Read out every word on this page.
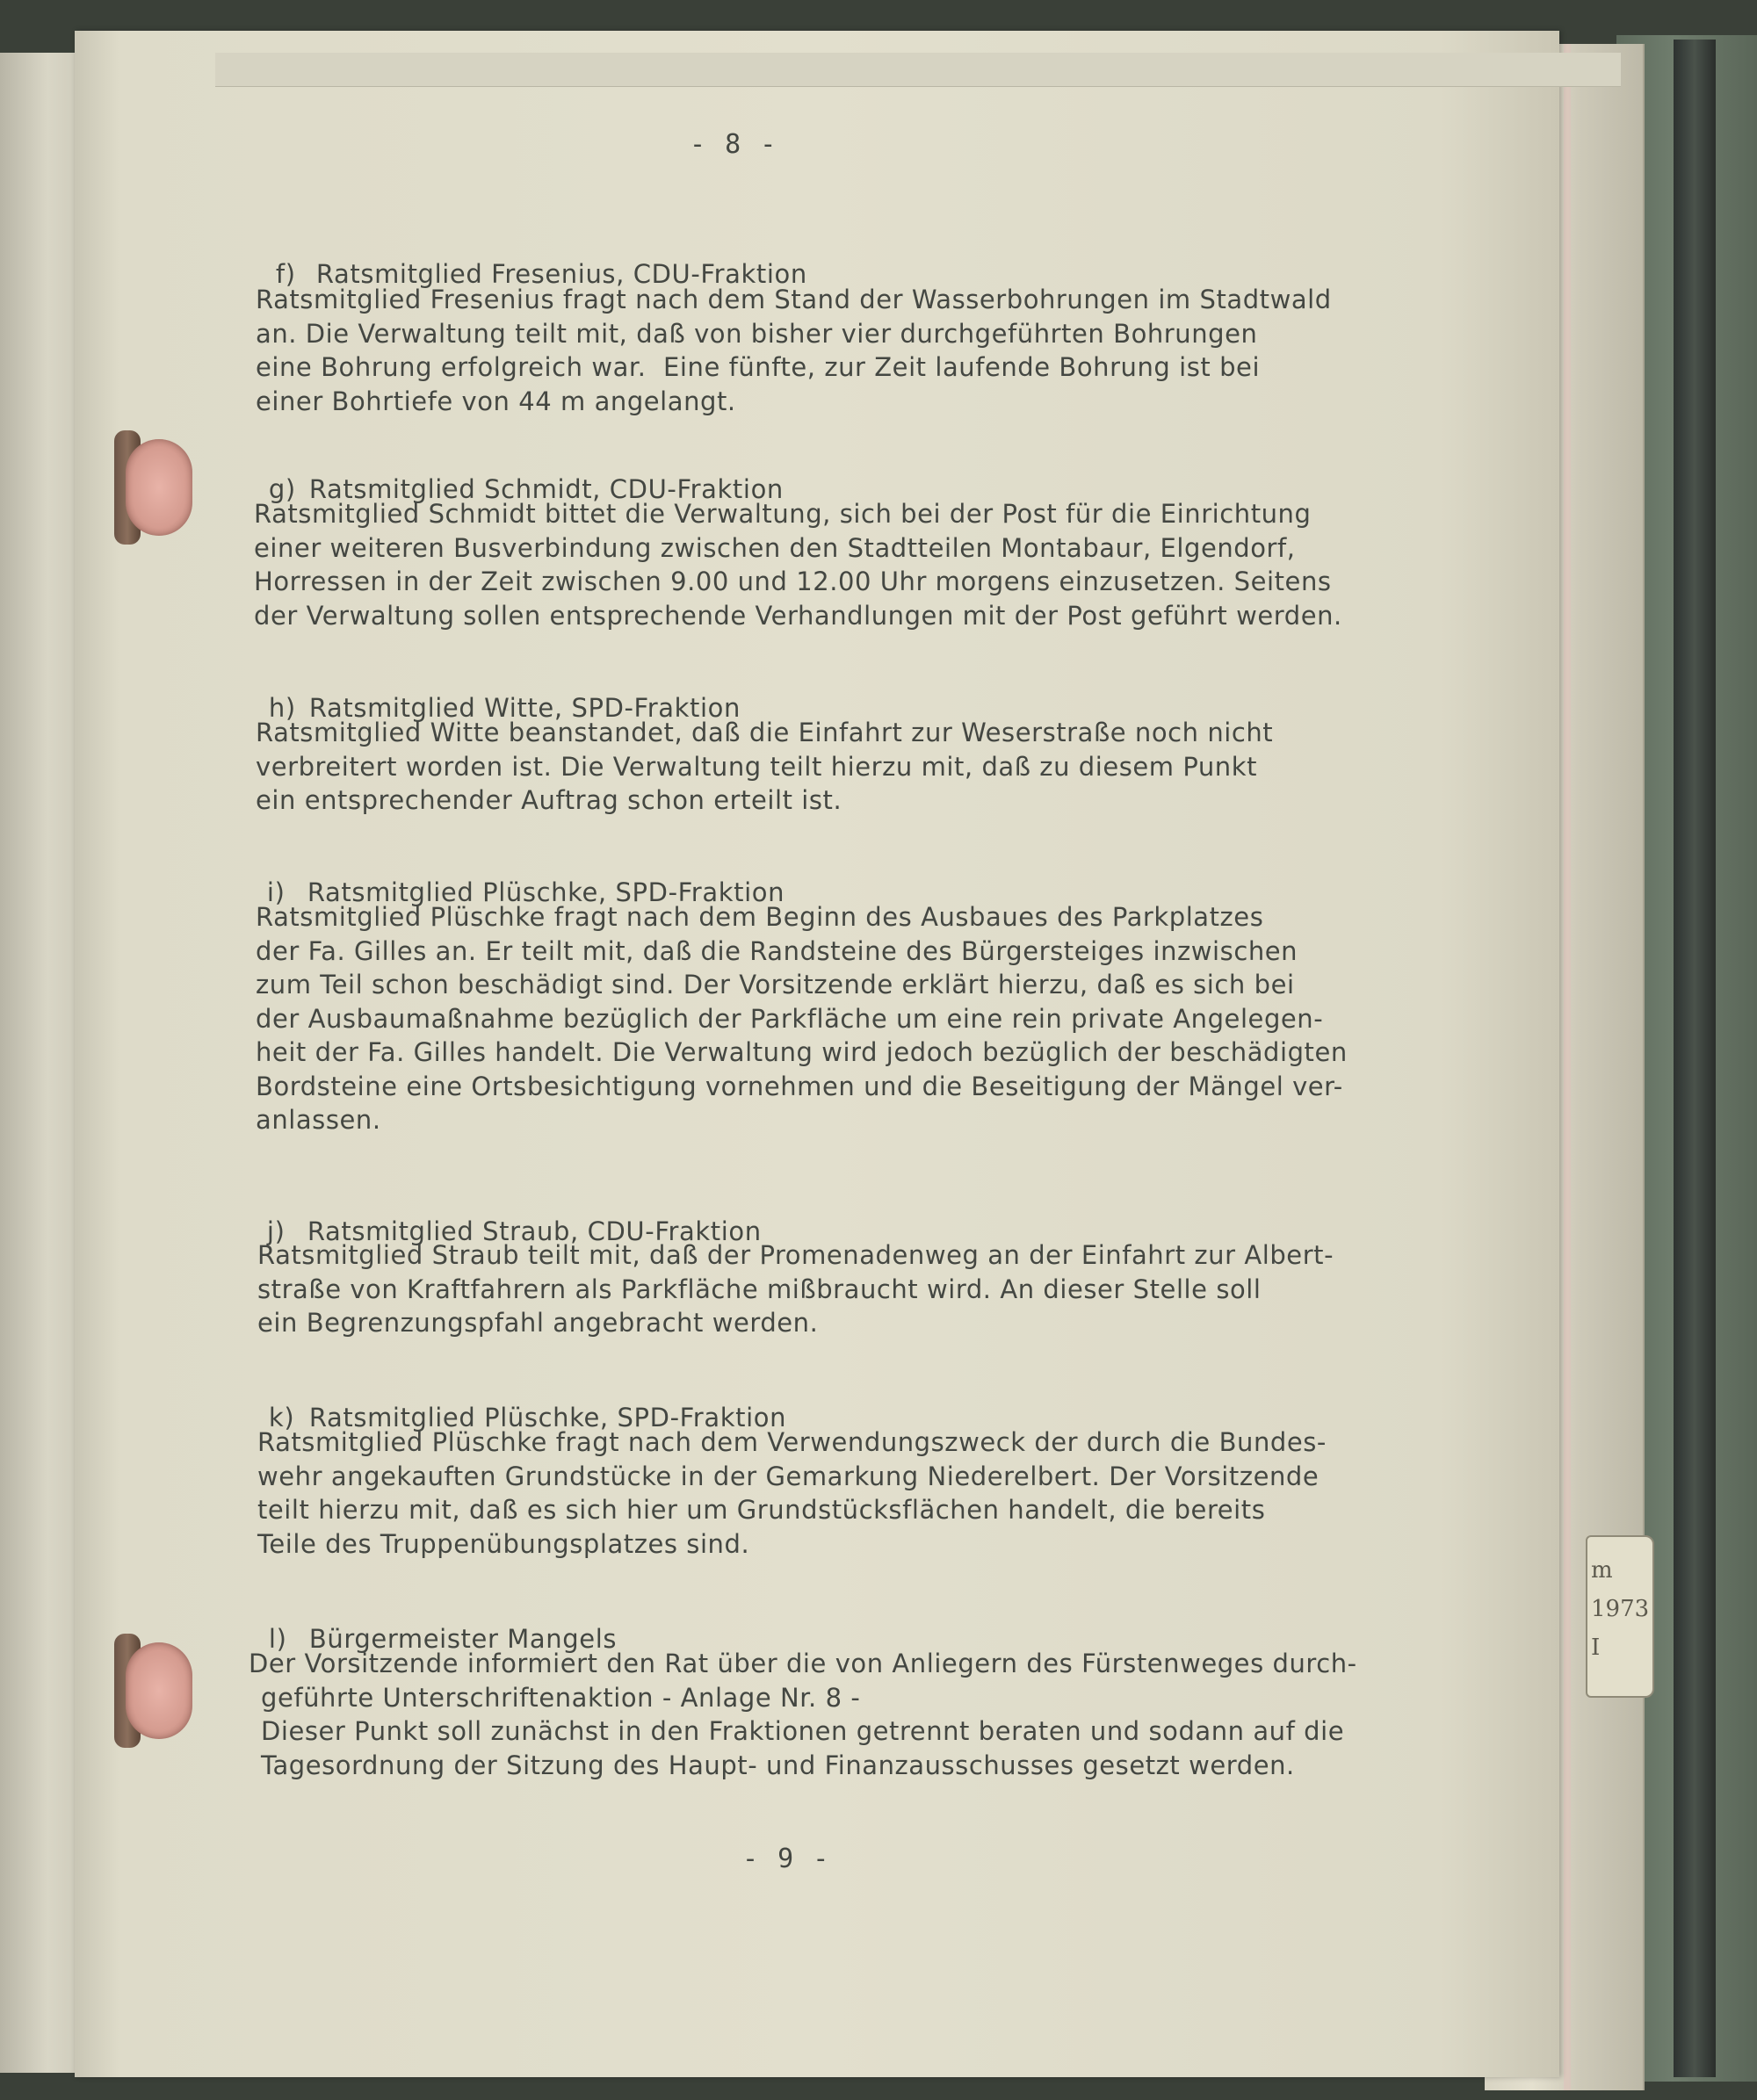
m
1973
I
- 8 -

f) Ratsmitglied Fresenius, CDU-Fraktion

Ratsmitglied Fresenius fragt nach dem Stand der Wasserbohrungen im Stadtwald
an. Die Verwaltung teilt mit, daß von bisher vier durchgeführten Bohrungen
eine Bohrung erfolgreich war.  Eine fünfte, zur Zeit laufende Bohrung ist bei
einer Bohrtiefe von 44 m angelangt.

g) Ratsmitglied Schmidt, CDU-Fraktion

Ratsmitglied Schmidt bittet die Verwaltung, sich bei der Post für die Einrichtung
einer weiteren Busverbindung zwischen den Stadtteilen Montabaur, Elgendorf,
Horressen in der Zeit zwischen 9.00 und 12.00 Uhr morgens einzusetzen. Seitens
der Verwaltung sollen entsprechende Verhandlungen mit der Post geführt werden.

h) Ratsmitglied Witte, SPD-Fraktion

Ratsmitglied Witte beanstandet, daß die Einfahrt zur Weserstraße noch nicht
verbreitert worden ist. Die Verwaltung teilt hierzu mit, daß zu diesem Punkt
ein entsprechender Auftrag schon erteilt ist.

i) Ratsmitglied Plüschke, SPD-Fraktion

Ratsmitglied Plüschke fragt nach dem Beginn des Ausbaues des Parkplatzes
der Fa. Gilles an. Er teilt mit, daß die Randsteine des Bürgersteiges inzwischen
zum Teil schon beschädigt sind. Der Vorsitzende erklärt hierzu, daß es sich bei
der Ausbaumaßnahme bezüglich der Parkfläche um eine rein private Angelegen-
heit der Fa. Gilles handelt. Die Verwaltung wird jedoch bezüglich der beschädigten
Bordsteine eine Ortsbesichtigung vornehmen und die Beseitigung der Mängel ver-
anlassen.

j) Ratsmitglied Straub, CDU-Fraktion

Ratsmitglied Straub teilt mit, daß der Promenadenweg an der Einfahrt zur Albert-
straße von Kraftfahrern als Parkfläche mißbraucht wird. An dieser Stelle soll
ein Begrenzungspfahl angebracht werden.

k) Ratsmitglied Plüschke, SPD-Fraktion

Ratsmitglied Plüschke fragt nach dem Verwendungszweck der durch die Bundes-
wehr angekauften Grundstücke in der Gemarkung Niederelbert. Der Vorsitzende
teilt hierzu mit, daß es sich hier um Grundstücksflächen handelt, die bereits
Teile des Truppenübungsplatzes sind.

l) Bürgermeister Mangels

Der Vorsitzende informiert den Rat über die von Anliegern des Fürstenweges durch-
geführte Unterschriftenaktion - Anlage Nr. 8 -
Dieser Punkt soll zunächst in den Fraktionen getrennt beraten und sodann auf die
Tagesordnung der Sitzung des Haupt- und Finanzausschusses gesetzt werden.
- 9 -
